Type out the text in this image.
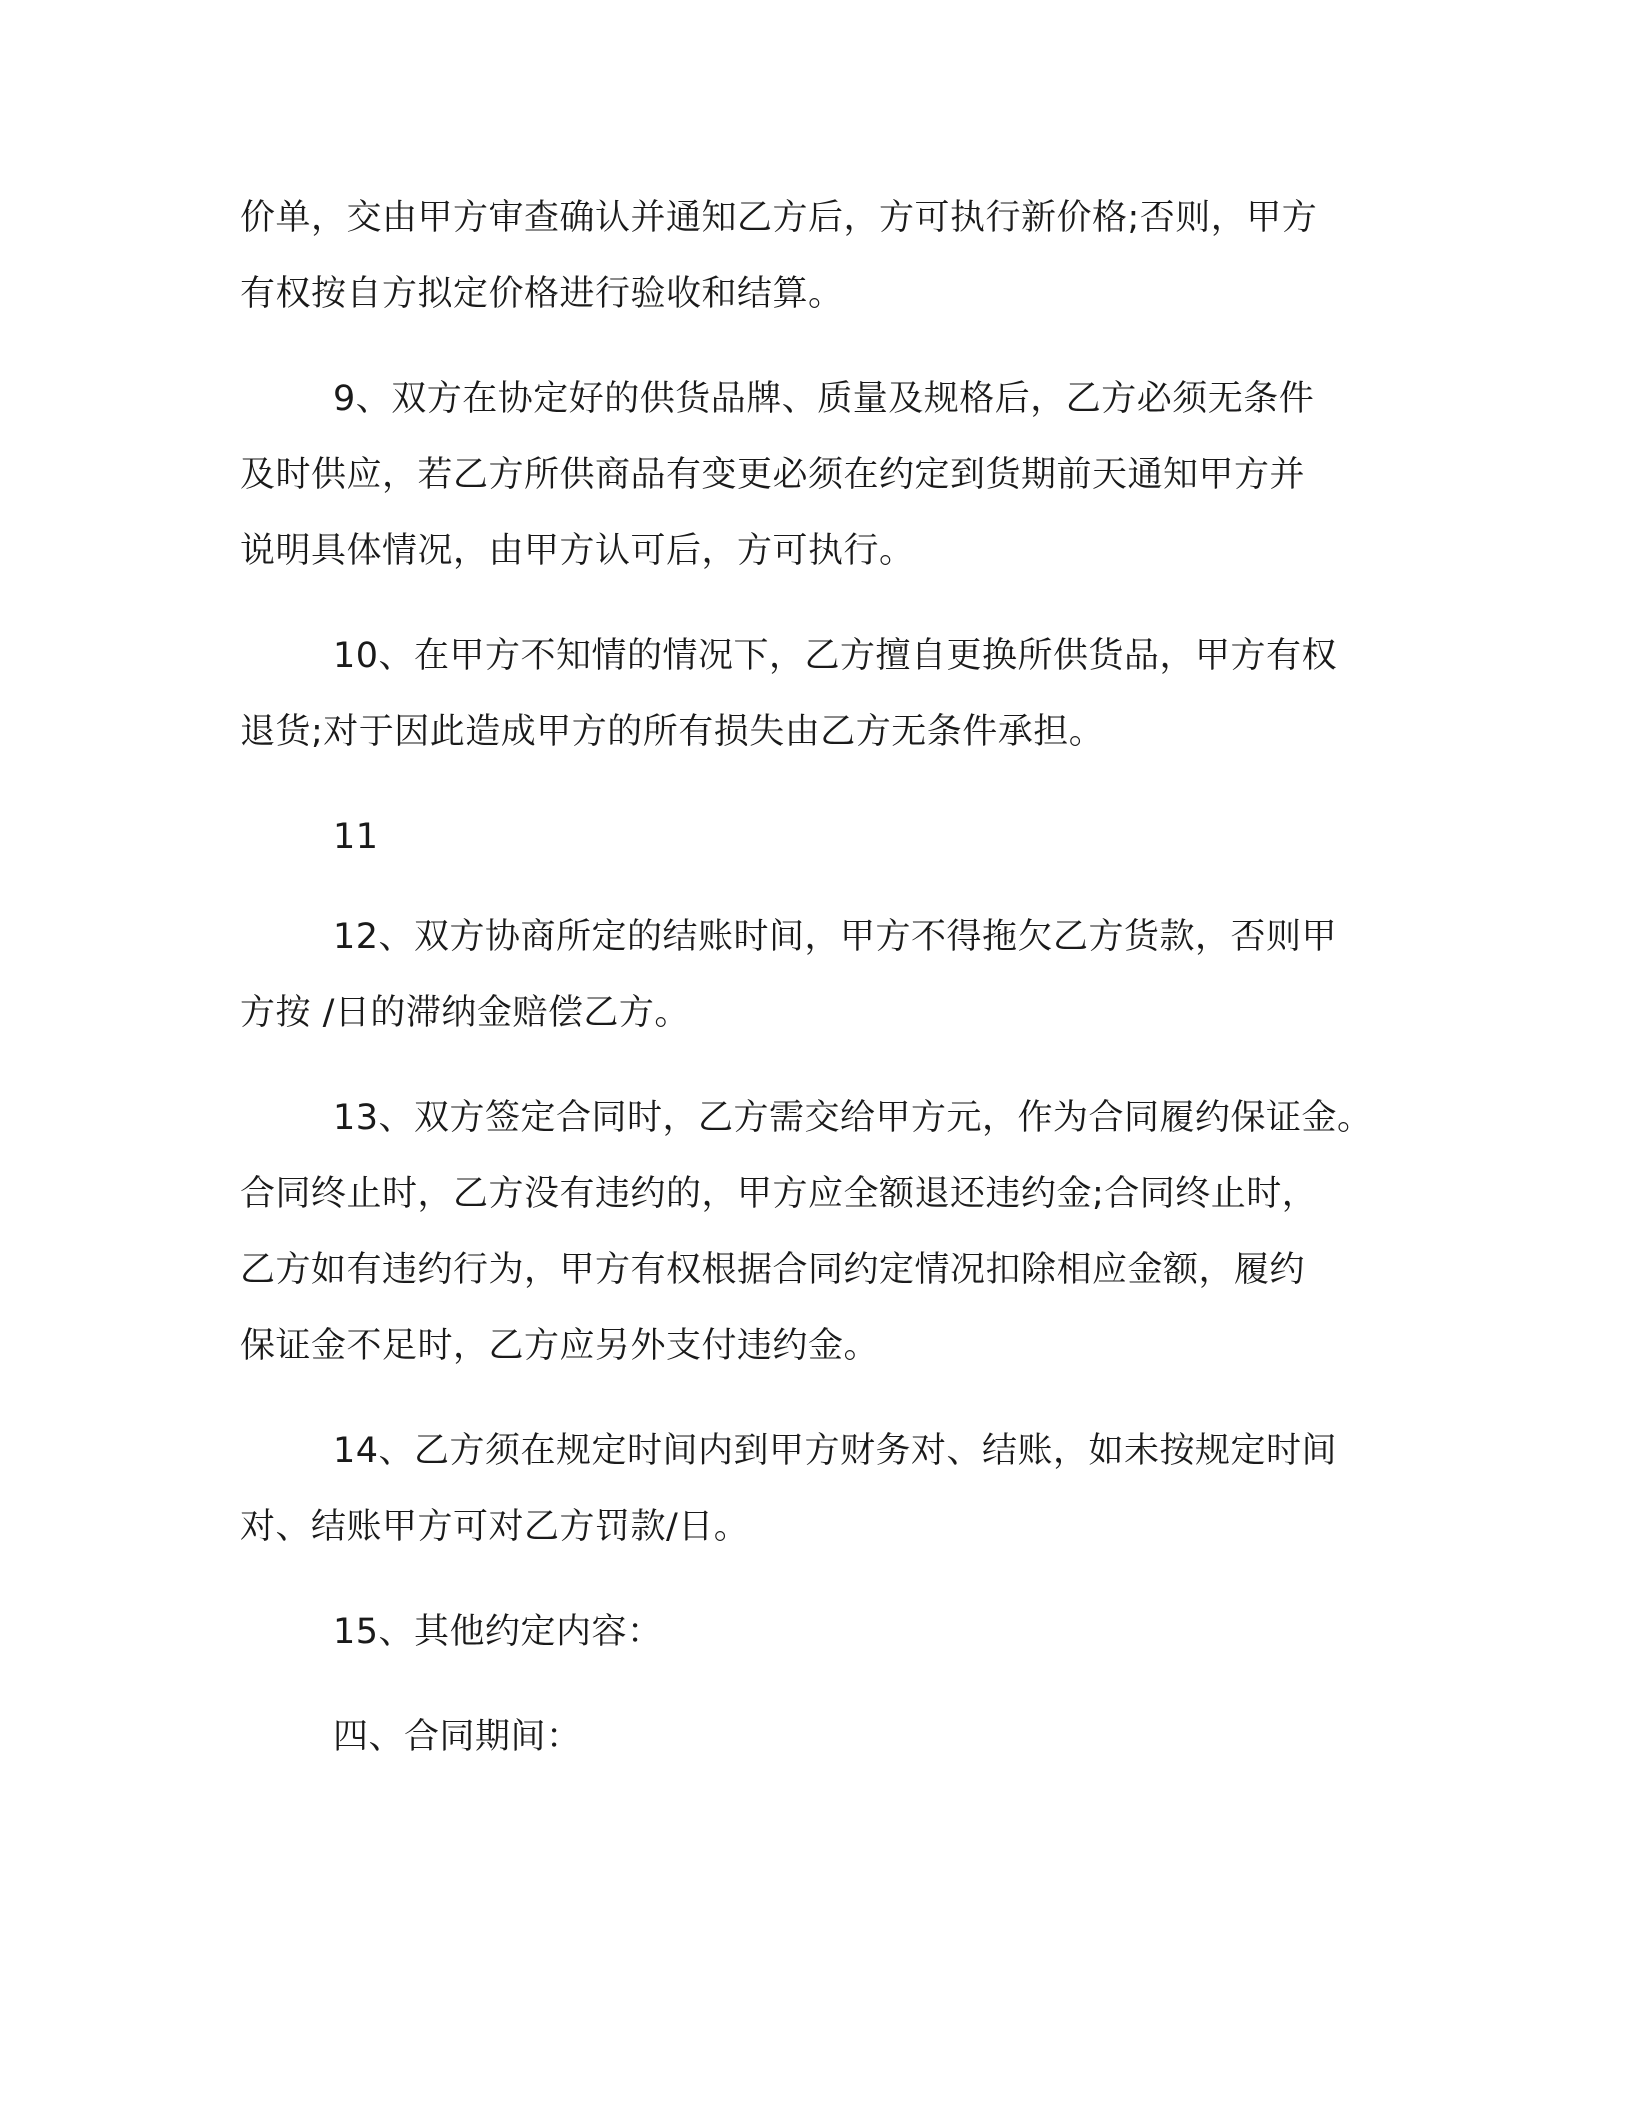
价单，交由甲方审查确认并通知乙方后，方可执行新价格;否则，甲方
有权按自方拟定价格进行验收和结算。
9、双方在协定好的供货品牌、质量及规格后，乙方必须无条件
及时供应，若乙方所供商品有变更必须在约定到货期前天通知甲方并
说明具体情况，由甲方认可后，方可执行。
10、在甲方不知情的情况下，乙方擅自更换所供货品，甲方有权
退货;对于因此造成甲方的所有损失由乙方无条件承担。
11
12、双方协商所定的结账时间，甲方不得拖欠乙方货款，否则甲
方按 /日的滞纳金赔偿乙方。
13、双方签定合同时，乙方需交给甲方元，作为合同履约保证金。
合同终止时，乙方没有违约的，甲方应全额退还违约金;合同终止时，
乙方如有违约行为，甲方有权根据合同约定情况扣除相应金额，履约
保证金不足时，乙方应另外支付违约金。
14、乙方须在规定时间内到甲方财务对、结账，如未按规定时间
对、结账甲方可对乙方罚款/日。
15、其他约定内容：
四、合同期间：
